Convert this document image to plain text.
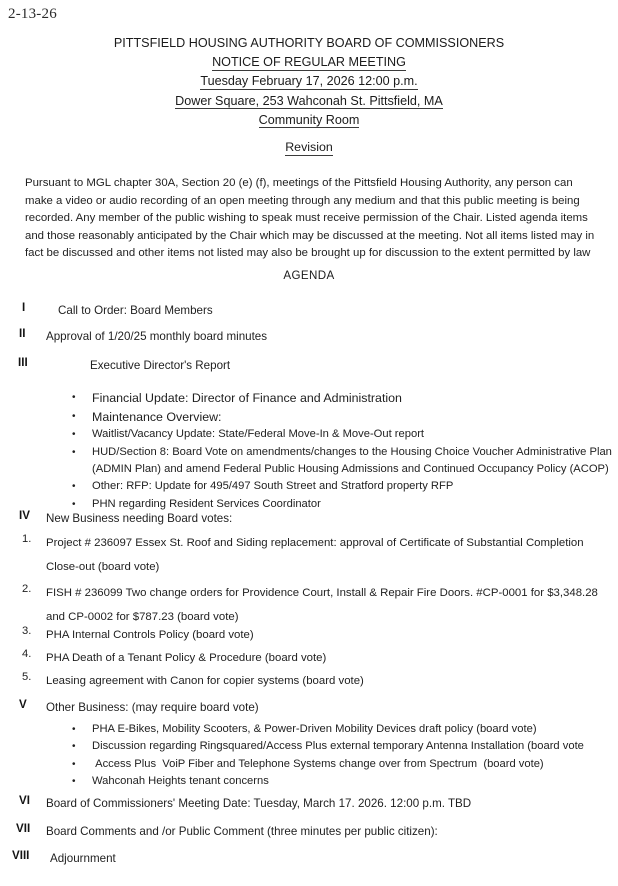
2-13-26
PITTSFIELD HOUSING AUTHORITY BOARD OF COMMISSIONERS
NOTICE OF REGULAR MEETING
Tuesday February 17, 2026 12:00 p.m.
Dower Square, 253 Wahconah St. Pittsfield, MA
Community Room
Revision
Pursuant to MGL chapter 30A, Section 20 (e) (f), meetings of the Pittsfield Housing Authority, any person can make a video or audio recording of an open meeting through any medium and that this public meeting is being recorded. Any member of the public wishing to speak must receive permission of the Chair. Listed agenda items and those reasonably anticipated by the Chair which may be discussed at the meeting. Not all items listed may in fact be discussed and other items not listed may also be brought up for discussion to the extent permitted by law
AGENDA
I	Call to Order: Board Members
II Approval of 1/20/25 monthly board minutes
III	Executive Director's Report
•	Financial Update: Director of Finance and Administration
•	Maintenance Overview:
•	Waitlist/Vacancy Update: State/Federal Move-In & Move-Out report
•	HUD/Section 8: Board Vote on amendments/changes to the Housing Choice Voucher Administrative Plan (ADMIN Plan) and amend Federal Public Housing Admissions and Continued Occupancy Policy (ACOP)
•	Other: RFP: Update for 495/497 South Street and Stratford property RFP
•	PHN regarding Resident Services Coordinator
IV New Business needing Board votes:
1. Project # 236097 Essex St. Roof and Siding replacement: approval of Certificate of Substantial Completion Close-out (board vote)
2. FISH # 236099 Two change orders for Providence Court, Install & Repair Fire Doors. #CP-0001 for $3,348.28 and CP-0002 for $787.23 (board vote)
3. PHA Internal Controls Policy (board vote)
4. PHA Death of a Tenant Policy & Procedure (board vote)
5. Leasing agreement with Canon for copier systems (board vote)
V Other Business: (may require board vote)
•	PHA E-Bikes, Mobility Scooters, & Power-Driven Mobility Devices draft policy (board vote)
•	Discussion regarding Ringsquared/Access Plus external temporary Antenna Installation (board vote
•	Access Plus  VoiP Fiber and Telephone Systems change over from Spectrum  (board vote)
•	Wahconah Heights tenant concerns
VI Board of Commissioners' Meeting Date: Tuesday, March 17. 2026. 12:00 p.m. TBD
VII Board Comments and /or Public Comment (three minutes per public citizen):
VIII Adjournment
